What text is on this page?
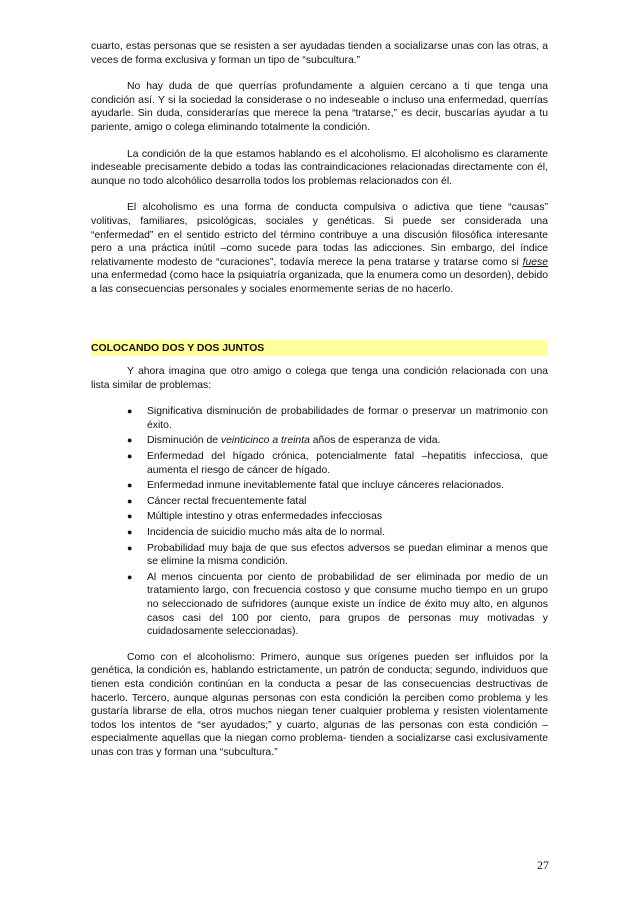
cuarto, estas personas que se resisten a ser ayudadas tienden a socializarse unas con las otras, a veces de forma exclusiva y forman un tipo de “subcultura.”

No hay duda de que querrías profundamente a alguien cercano a ti que tenga una condición así. Y si la sociedad la considerase o no indeseable o incluso una enfermedad, querrías ayudarle. Sin duda, considerarías que merece la pena “tratarse,” es decir, buscarías ayudar a tu pariente, amigo o colega eliminando totalmente la condición.

La condición de la que estamos hablando es el alcoholismo. El alcoholismo es claramente indeseable precisamente debido a todas las contraindicaciones relacionadas directamente con él, aunque no todo alcohólico desarrolla todos los problemas relacionados con él.

El alcoholismo es una forma de conducta compulsiva o adictiva que tiene “causas” volitivas, familiares, psicológicas, sociales y genéticas. Si puede ser considerada una “enfermedad” en el sentido estricto del término contribuye a una discusión filosófica interesante pero a una práctica inútil –como sucede para todas las adicciones. Sin embargo, del índice relativamente modesto de “curaciones”, todavía merece la pena tratarse y tratarse como si fuese una enfermedad (como hace la psiquiatría organizada, que la enumera como un desorden), debido a las consecuencias personales y sociales enormemente serias de no hacerlo.

COLOCANDO DOS Y DOS JUNTOS

Y ahora imagina que otro amigo o colega que tenga una condición relacionada con una lista similar de problemas:

● Significativa disminución de probabilidades de formar o preservar un matrimonio con éxito.
● Disminución de veinticinco a treinta años de esperanza de vida.
● Enfermedad del hígado crónica, potencialmente fatal –hepatitis infecciosa, que aumenta el riesgo de cáncer de hígado.
● Enfermedad inmune inevitablemente fatal que incluye cánceres relacionados.
● Cáncer rectal frecuentemente fatal
● Múltiple intestino y otras enfermedades infecciosas
● Incidencia de suicidio mucho más alta de lo normal.
● Probabilidad muy baja de que sus efectos adversos se puedan eliminar a menos que se elimine la misma condición.
● Al menos cincuenta por ciento de probabilidad de ser eliminada por medio de un tratamiento largo, con frecuencia costoso y que consume mucho tiempo en un grupo no seleccionado de sufridores (aunque existe un índice de éxito muy alto, en algunos casos casi del 100 por ciento, para grupos de personas muy motivadas y cuidadosamente seleccionadas).

Como con el alcoholismo: Primero, aunque sus orígenes pueden ser influidos por la genética, la condición es, hablando estrictamente, un patrón de conducta; segundo, individuos que tienen esta condición continúan en la conducta a pesar de las consecuencias destructivas de hacerlo. Tercero, aunque algunas personas con esta condición la perciben como problema y les gustaría librarse de ella, otros muchos niegan tener cualquier problema y resisten violentamente todos los intentos de “ser ayudados;” y cuarto, algunas de las personas con esta condición –especialmente aquellas que la niegan como problema- tienden a socializarse casi exclusivamente unas con tras y forman una “subcultura.”

27
